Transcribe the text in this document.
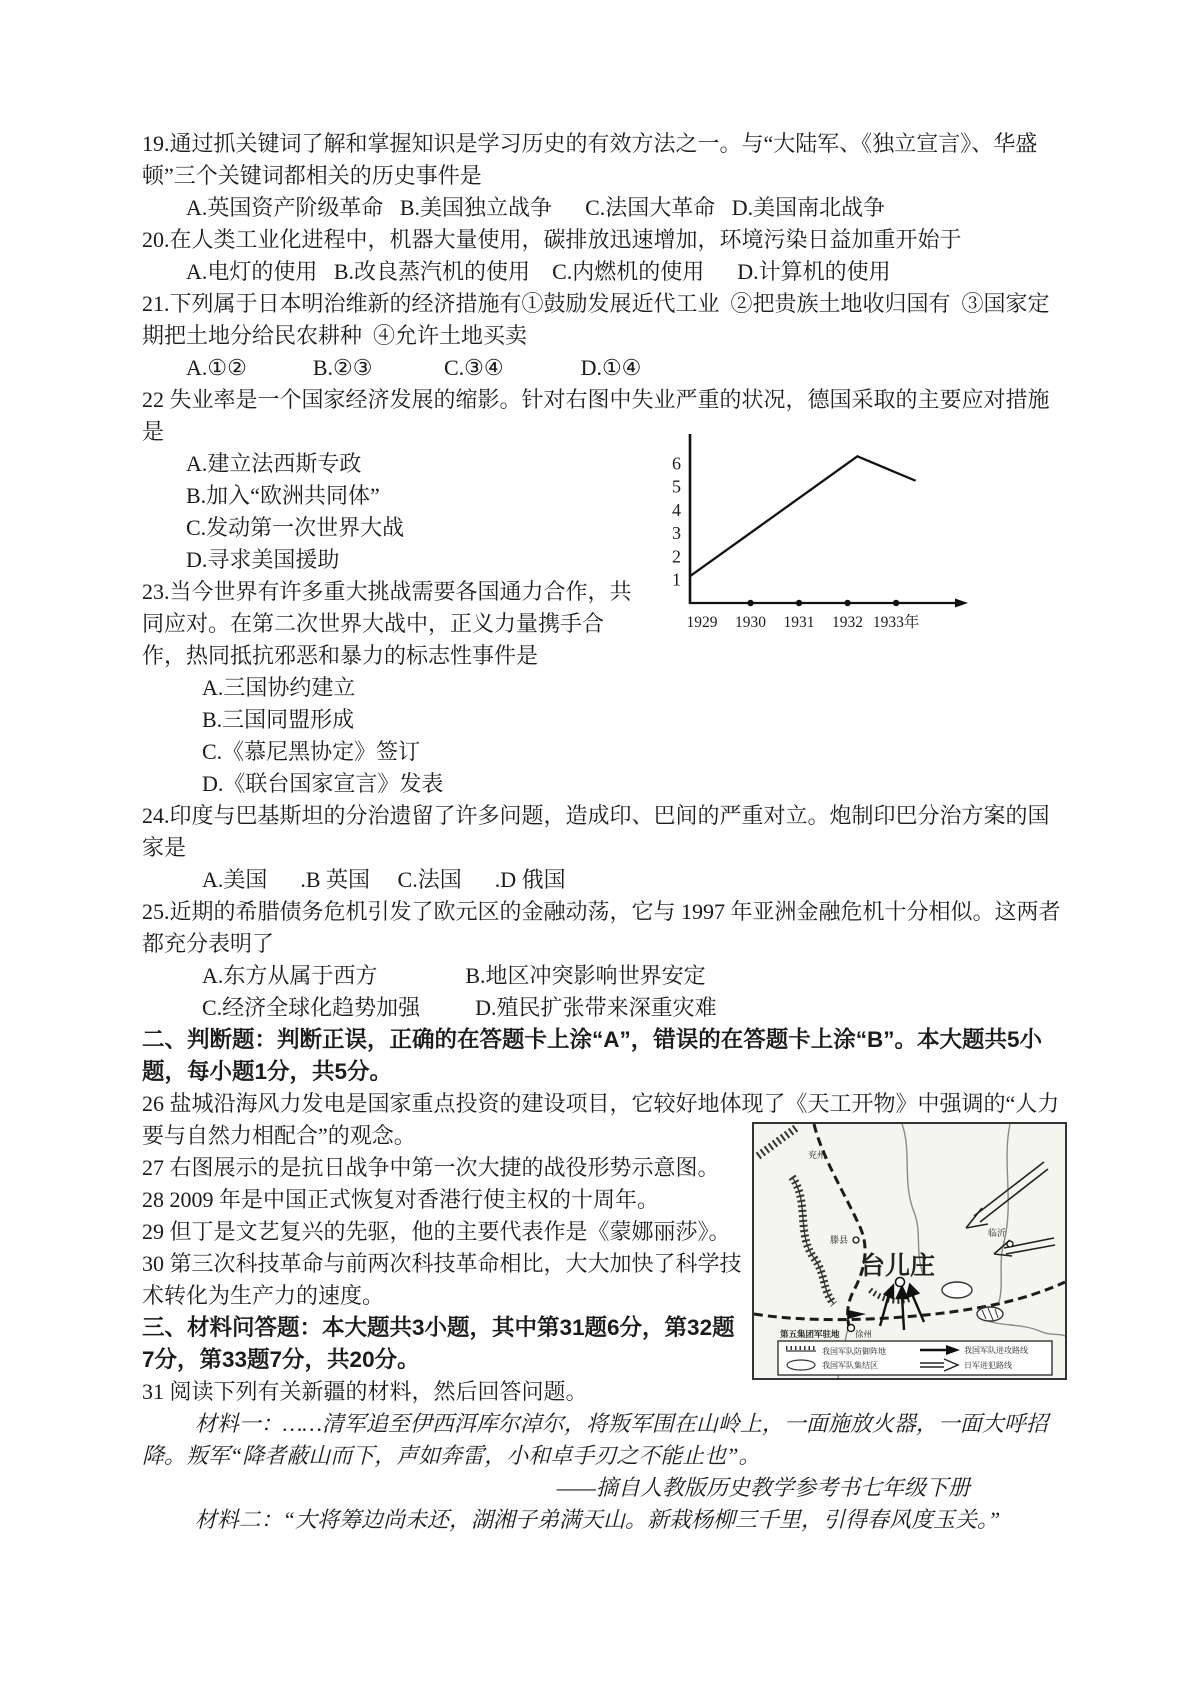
19.通过抓关键词了解和掌握知识是学习历史的有效方法之一。与“大陆军、《独立宣言》、华盛顿”三个关键词都相关的历史事件是

A.英国资产阶级革命   B.美国独立战争      C.法国大革命   D.美国南北战争

20.在人类工业化进程中，机器大量使用，碳排放迅速增加，环境污染日益加重开始于

A.电灯的使用   B.改良蒸汽机的使用    C.内燃机的使用      D.计算机的使用

21.下列属于日本明治维新的经济措施有①鼓励发展近代工业  ②把贵族土地收归国有  ③国家定期把土地分给民农耕种  ④允许土地买卖

A.①②            B.②③             C.③④              D.①④

22 失业率是一个国家经济发展的缩影。针对右图中失业严重的状况，德国采取的主要应对措施是

A.建立法西斯专政

B.加入“欧洲共同体”

C.发动第一次世界大战

D.寻求美国援助

23.当今世界有许多重大挑战需要各国通力合作，共同应对。在第二次世界大战中，正义力量携手合作，热同抵抗邪恶和暴力的标志性事件是

A.三国协约建立

B.三国同盟形成

C.《慕尼黑协定》签订

D.《联台国家宣言》发表

24.印度与巴基斯坦的分治遗留了许多问题，造成印、巴间的严重对立。炮制印巴分治方案的国家是

A.美国      .B 英国     C.法国      .D 俄国

25.近期的希腊债务危机引发了欧元区的金融动荡，它与 1997 年亚洲金融危机十分相似。这两者都充分表明了

A.东方从属于西方                B.地区冲突影响世界安定

C.经济全球化趋势加强          D.殖民扩张带来深重灾难

二、判断题：判断正误，正确的在答题卡上涂“A”，错误的在答题卡上涂“B”。本大题共5小题，每小题1分，共5分。

26 盐城沿海风力发电是国家重点投资的建设项目，它较好地体现了《天工开物》中强调的“人力要与自然力相配合”的观念。

27 右图展示的是抗日战争中第一次大捷的战役形势示意图。

28 2009 年是中国正式恢复对香港行使主权的十周年。

29 但丁是文艺复兴的先驱，他的主要代表作是《蒙娜丽莎》。

30 第三次科技革命与前两次科技革命相比，大大加快了科学技术转化为生产力的速度。

三、材料问答题：本大题共3小题，其中第31题6分，第32题7分，第33题7分，共20分。

31 阅读下列有关新疆的材料，然后回答问题。

材料一：……清军追至伊西洱库尔淖尔，将叛军围在山岭上，一面施放火器，一面大呼招降。叛军“降者蔽山而下，声如奔雷，小和卓手刃之不能止也”。

——摘自人教版历史教学参考书七年级下册

材料二：“大将筹边尚未还，湖湘子弟满天山。新栽杨柳三千里，引得春风度玉关。”

1
2
3
4
5
6
1929 1930 1931 1932 1933年
兖州
滕县
临沂
台儿庄
第五集团军驻地 徐州
我国军队防御阵地
我国军队集结区
我国军队进攻路线
日军进犯路线
